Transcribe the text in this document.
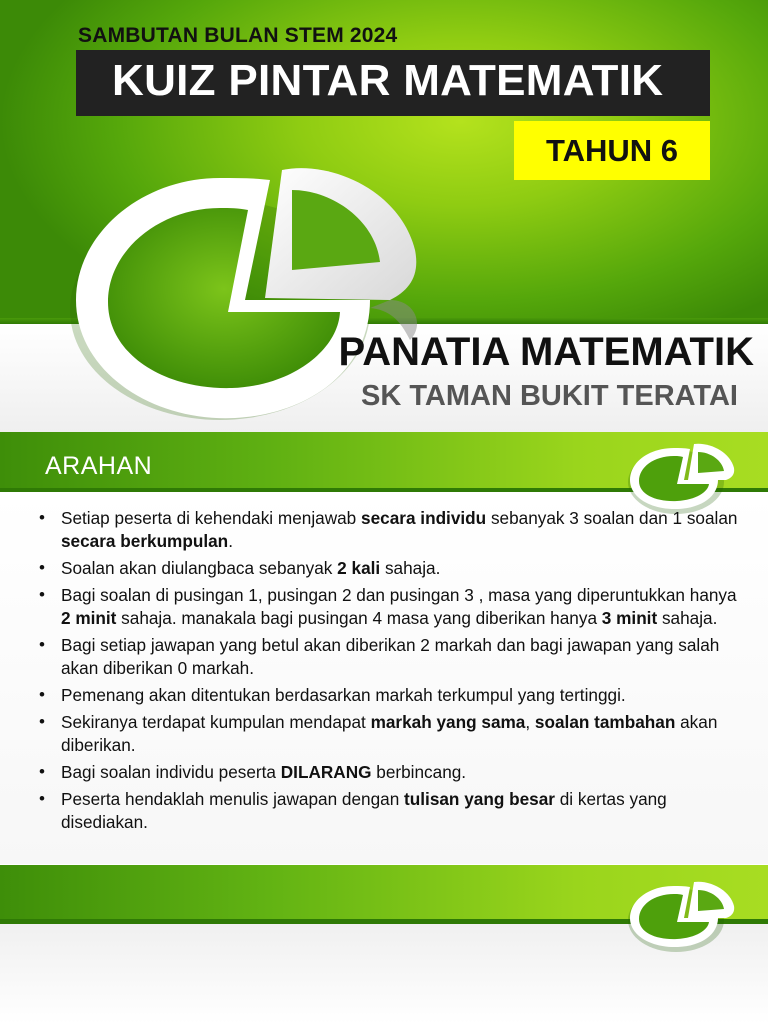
SAMBUTAN BULAN STEM 2024
KUIZ PINTAR MATEMATIK
TAHUN 6
PANATIA MATEMATIK
SK TAMAN BUKIT TERATAI
ARAHAN
• Setiap peserta di kehendaki menjawab secara individu sebanyak 3 soalan dan 1 soalan secara berkumpulan.
• Soalan akan diulangbaca sebanyak 2 kali sahaja.
• Bagi soalan di pusingan 1, pusingan 2 dan pusingan 3 , masa yang diperuntukkan hanya 2 minit sahaja. manakala bagi pusingan 4 masa yang diberikan hanya 3 minit sahaja.
• Bagi setiap jawapan yang betul akan diberikan 2 markah dan bagi jawapan yang salah akan diberikan 0 markah.
• Pemenang akan ditentukan berdasarkan markah terkumpul yang tertinggi.
• Sekiranya terdapat kumpulan mendapat markah yang sama, soalan tambahan akan diberikan.
• Bagi soalan individu peserta DILARANG berbincang.
• Peserta hendaklah menulis jawapan dengan tulisan yang besar di kertas yang disediakan.
